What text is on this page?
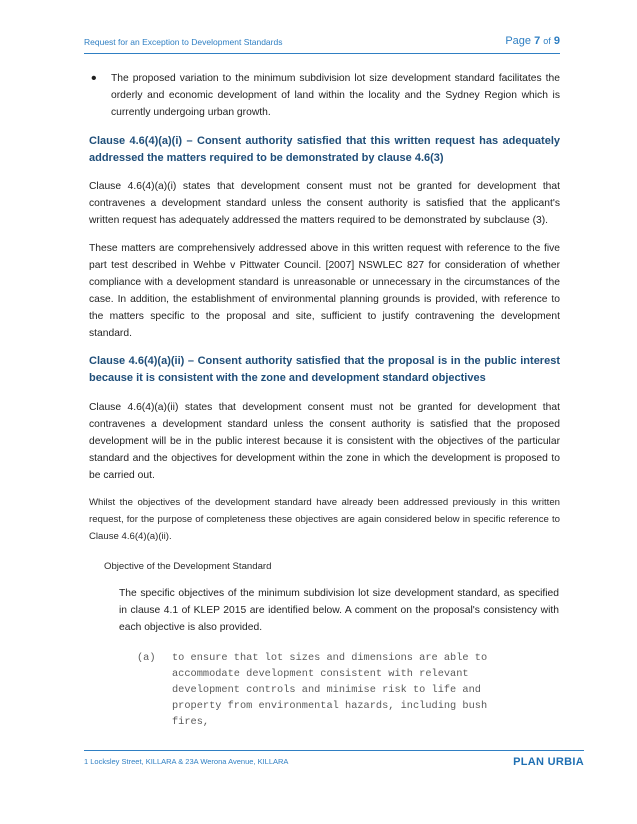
Request for an Exception to Development Standards	Page 7 of 9
• The proposed variation to the minimum subdivision lot size development standard facilitates the orderly and economic development of land within the locality and the Sydney Region which is currently undergoing urban growth.

Clause 4.6(4)(a)(i) – Consent authority satisfied that this written request has adequately addressed the matters required to be demonstrated by clause 4.6(3)

Clause 4.6(4)(a)(i) states that development consent must not be granted for development that contravenes a development standard unless the consent authority is satisfied that the applicant's written request has adequately addressed the matters required to be demonstrated by subclause (3).

These matters are comprehensively addressed above in this written request with reference to the five part test described in Wehbe v Pittwater Council. [2007] NSWLEC 827 for consideration of whether compliance with a development standard is unreasonable or unnecessary in the circumstances of the case. In addition, the establishment of environmental planning grounds is provided, with reference to the matters specific to the proposal and site, sufficient to justify contravening the development standard.

Clause 4.6(4)(a)(ii) – Consent authority satisfied that the proposal is in the public interest because it is consistent with the zone and development standard objectives

Clause 4.6(4)(a)(ii) states that development consent must not be granted for development that contravenes a development standard unless the consent authority is satisfied that the proposed development will be in the public interest because it is consistent with the objectives of the particular standard and the objectives for development within the zone in which the development is proposed to be carried out.

Whilst the objectives of the development standard have already been addressed previously in this written request, for the purpose of completeness these objectives are again considered below in specific reference to Clause 4.6(4)(a)(ii).

Objective of the Development Standard

The specific objectives of the minimum subdivision lot size development standard, as specified in clause 4.1 of KLEP 2015 are identified below. A comment on the proposal's consistency with each objective is also provided.

(a) to ensure that lot sizes and dimensions are able to accommodate development consistent with relevant development controls and minimise risk to life and property from environmental hazards, including bush fires,
1 Locksley Street, KILLARA & 23A Werona Avenue, KILLARA	PLAN URBIA
